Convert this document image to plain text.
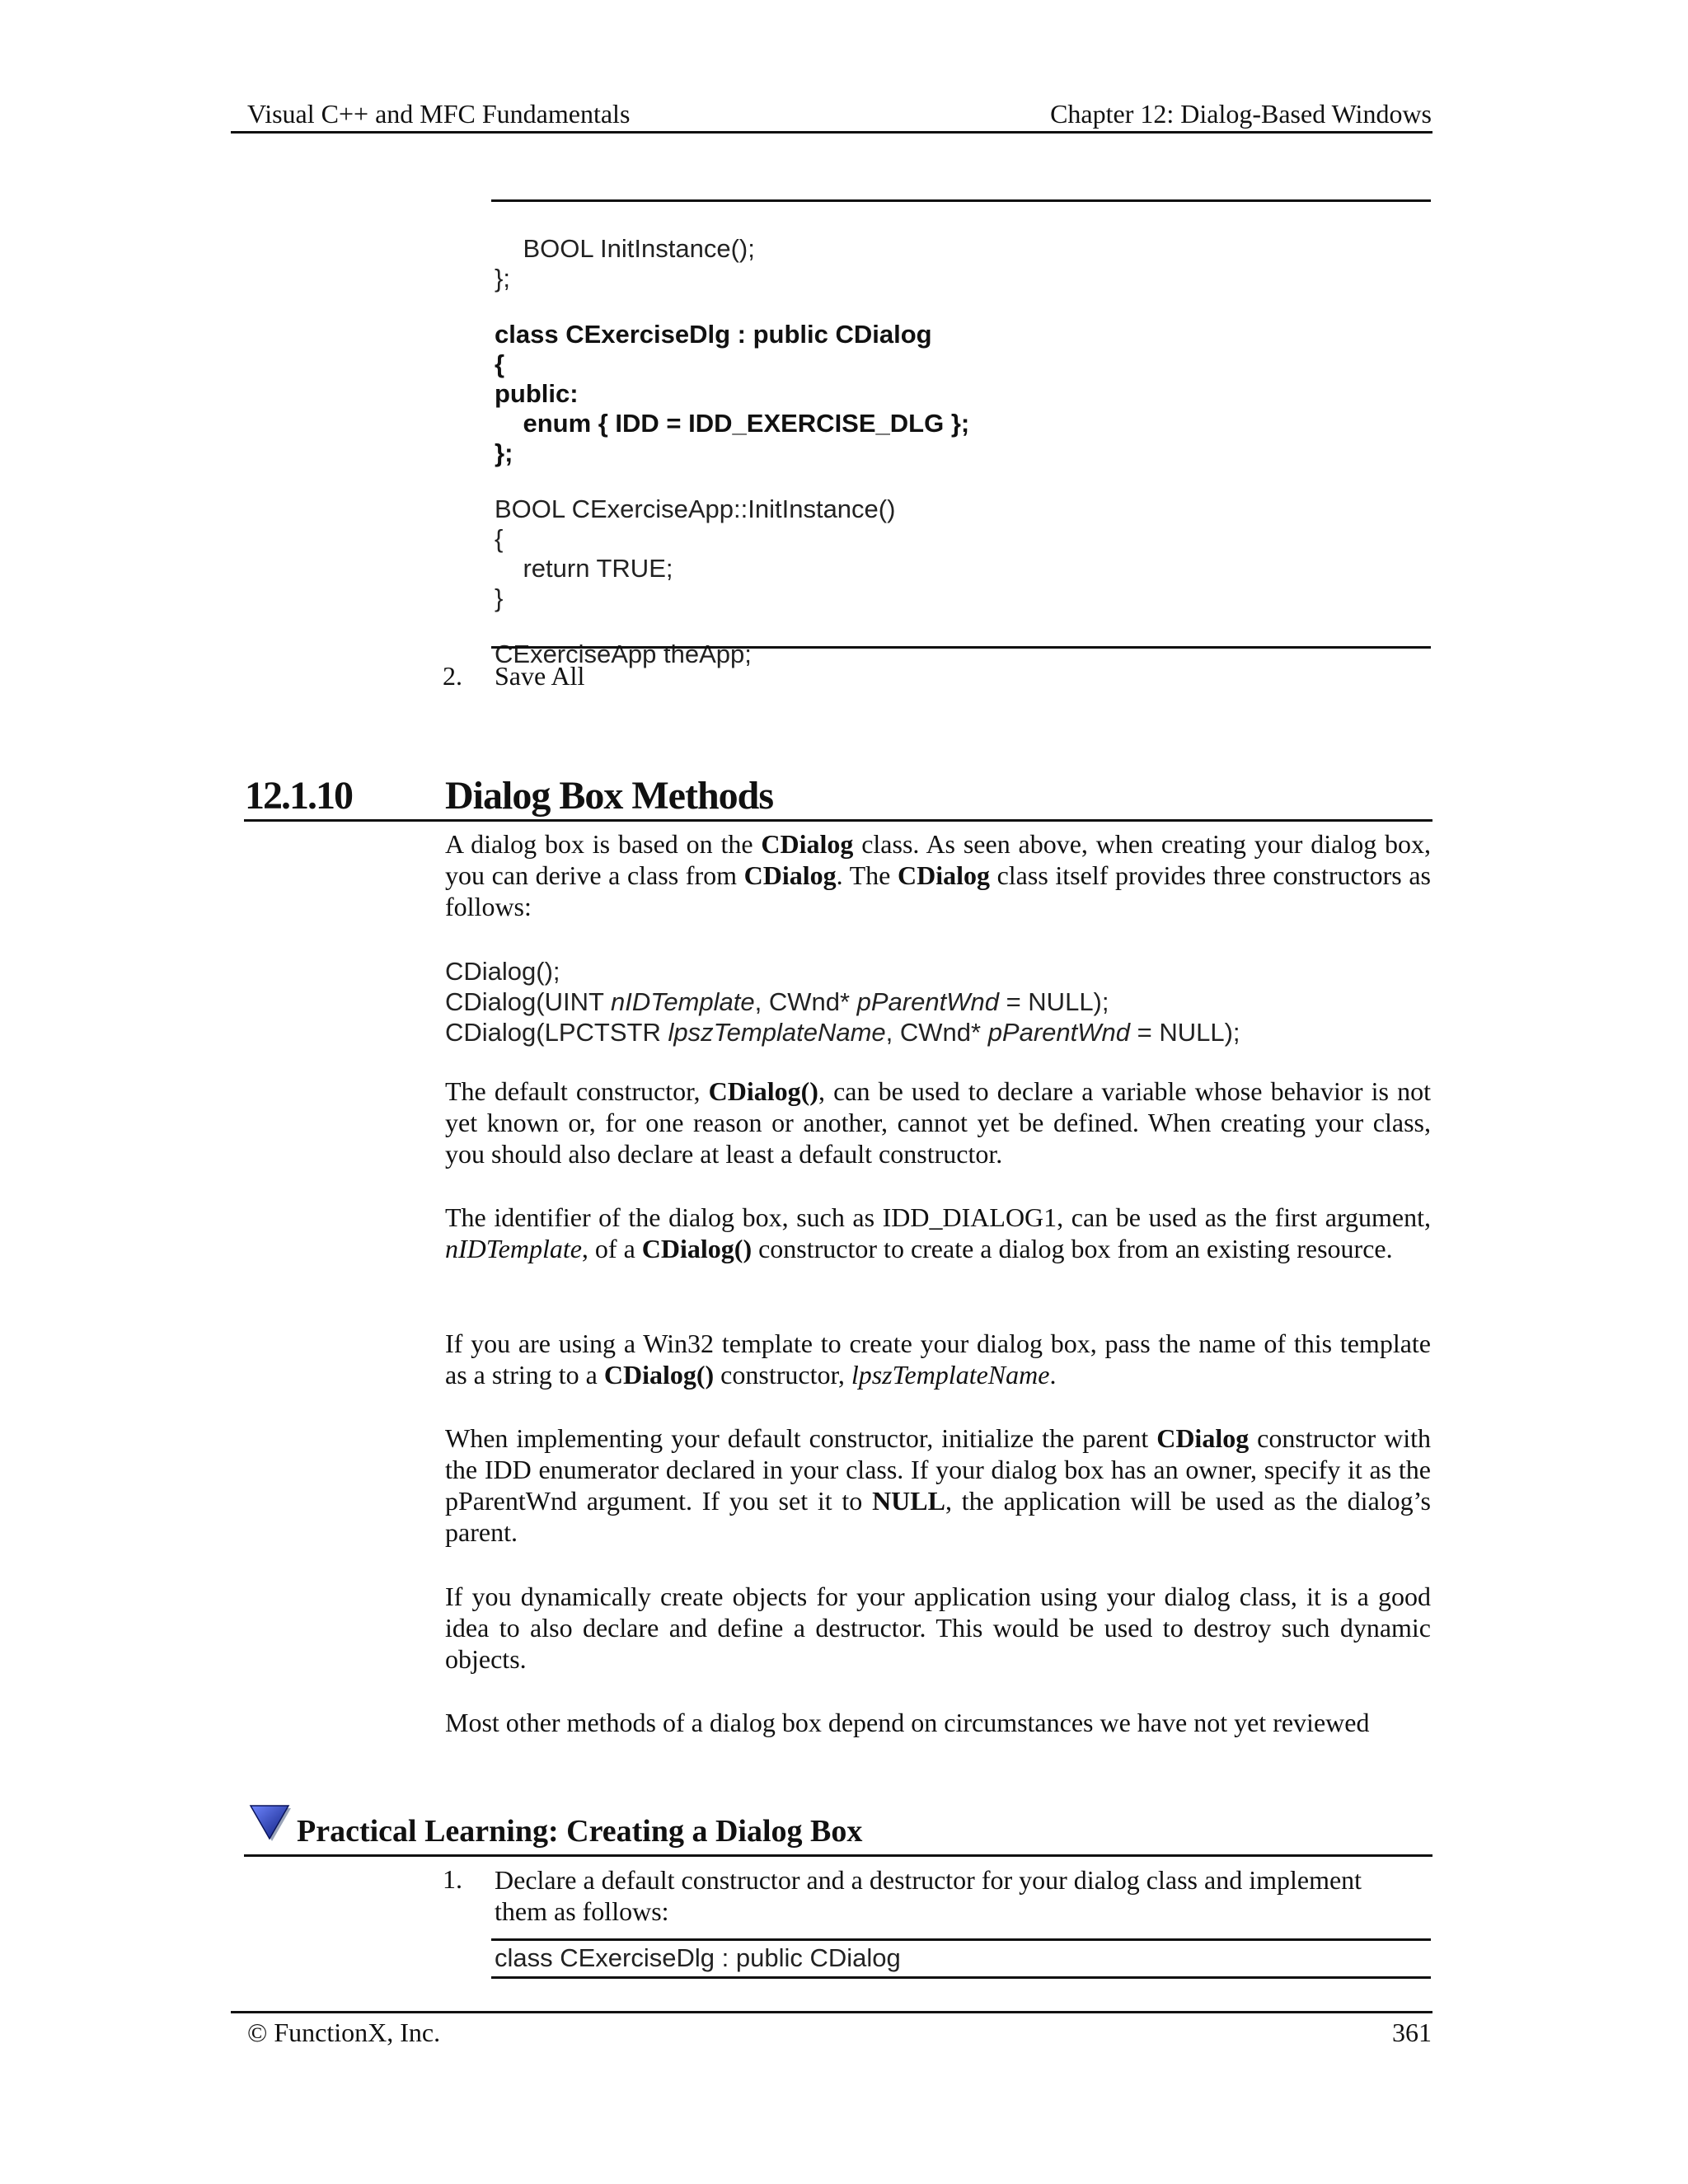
Visual C++ and MFC Fundamentals	Chapter 12: Dialog-Based Windows

BOOL InitInstance();
};
class CExerciseDlg : public CDialog
{
public:
enum { IDD = IDD_EXERCISE_DLG };
};
BOOL CExerciseApp::InitInstance()
{
return TRUE;
}
CExerciseApp theApp;

2. Save All
12.1.10 Dialog Box Methods
A dialog box is based on the CDialog class. As seen above, when creating your dialog box, you can derive a class from CDialog. The CDialog class itself provides three constructors as follows:
CDialog();
CDialog(UINT nIDTemplate, CWnd* pParentWnd = NULL);
CDialog(LPCTSTR lpszTemplateName, CWnd* pParentWnd = NULL);
The default constructor, CDialog(), can be used to declare a variable whose behavior is not yet known or, for one reason or another, cannot yet be defined. When creating your class, you should also declare at least a default constructor.
The identifier of the dialog box, such as IDD_DIALOG1, can be used as the first argument, nIDTemplate, of a CDialog() constructor to create a dialog box from an existing resource.
If you are using a Win32 template to create your dialog box, pass the name of this template as a string to a CDialog() constructor, lpszTemplateName.
When implementing your default constructor, initialize the parent CDialog constructor with the IDD enumerator declared in your class. If your dialog box has an owner, specify it as the pParentWnd argument. If you set it to NULL, the application will be used as the dialog’s parent.
If you dynamically create objects for your application using your dialog class, it is a good idea to also declare and define a destructor. This would be used to destroy such dynamic objects.
Most other methods of a dialog box depend on circumstances we have not yet reviewed
Practical Learning: Creating a Dialog Box
1. Declare a default constructor and a destructor for your dialog class and implement them as follows:
class CExerciseDlg : public CDialog
© FunctionX, Inc.	361
